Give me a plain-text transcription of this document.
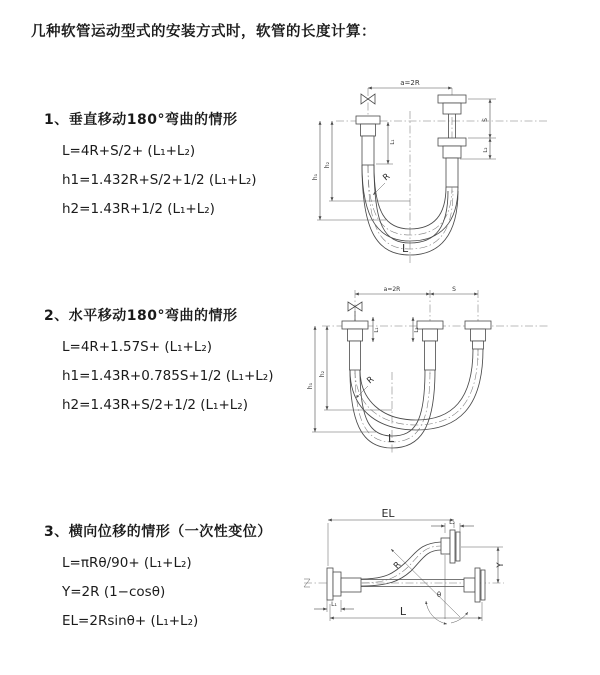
几种软管运动型式的安装方式时，软管的长度计算：
1、垂直移动180°弯曲的情形
L=4R+S/2+ (L₁+L₂)
h1=1.432R+S/2+1/2 (L₁+L₂)
h2=1.43R+1/2 (L₁+L₂)
2、水平移动180°弯曲的情形
L=4R+1.57S+ (L₁+L₂)
h1=1.43R+0.785S+1/2 (L₁+L₂)
h2=1.43R+S/2+1/2 (L₁+L₂)
3、横向位移的情形（一次性变位）
L=πRθ/90+ (L₁+L₂)
Y=2R (1−cosθ)
EL=2Rsinθ+ (L₁+L₂)
a=2R
h₁
h₂
L₁
S
L₂
R
L
a=2R	S
h₁
h₂
L₁	L₂
R
L
EL
L₂
R
θ
Y
L₁
L
